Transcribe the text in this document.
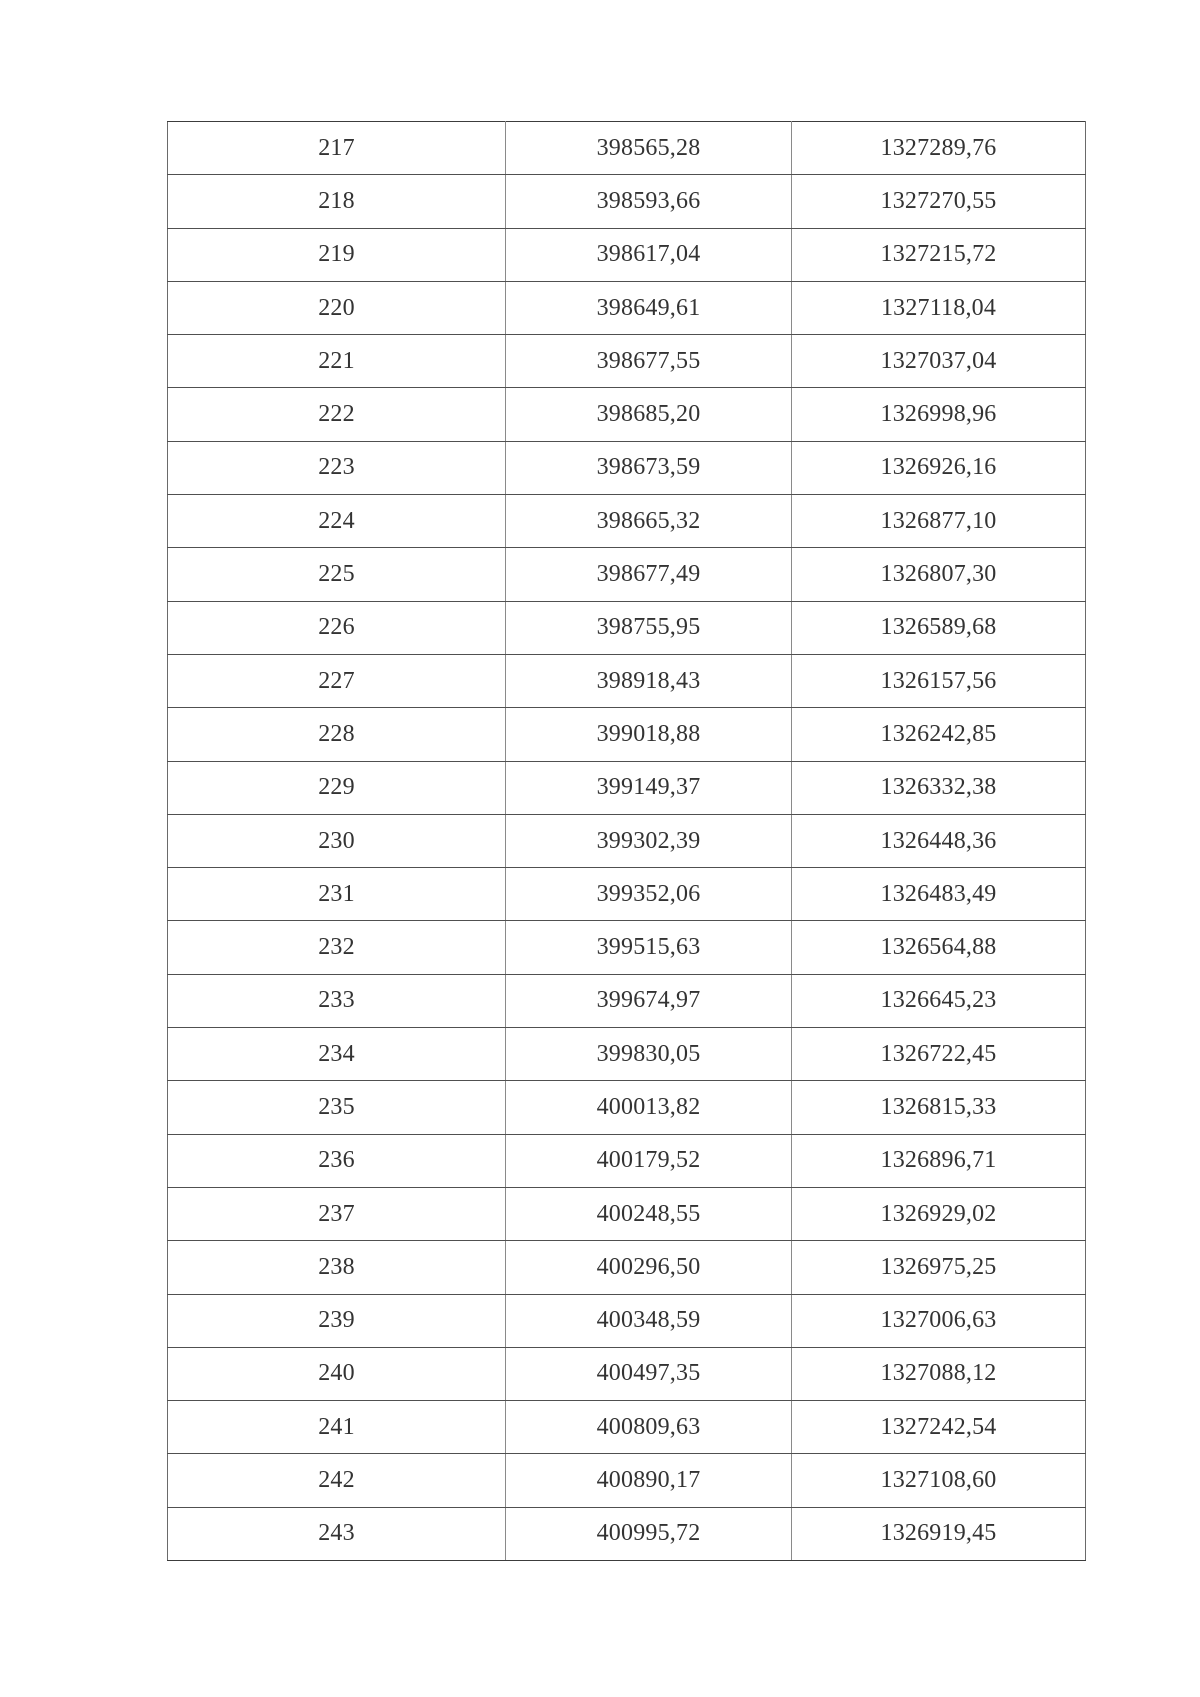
217	398565,28	1327289,76
218	398593,66	1327270,55
219	398617,04	1327215,72
220	398649,61	1327118,04
221	398677,55	1327037,04
222	398685,20	1326998,96
223	398673,59	1326926,16
224	398665,32	1326877,10
225	398677,49	1326807,30
226	398755,95	1326589,68
227	398918,43	1326157,56
228	399018,88	1326242,85
229	399149,37	1326332,38
230	399302,39	1326448,36
231	399352,06	1326483,49
232	399515,63	1326564,88
233	399674,97	1326645,23
234	399830,05	1326722,45
235	400013,82	1326815,33
236	400179,52	1326896,71
237	400248,55	1326929,02
238	400296,50	1326975,25
239	400348,59	1327006,63
240	400497,35	1327088,12
241	400809,63	1327242,54
242	400890,17	1327108,60
243	400995,72	1326919,45
